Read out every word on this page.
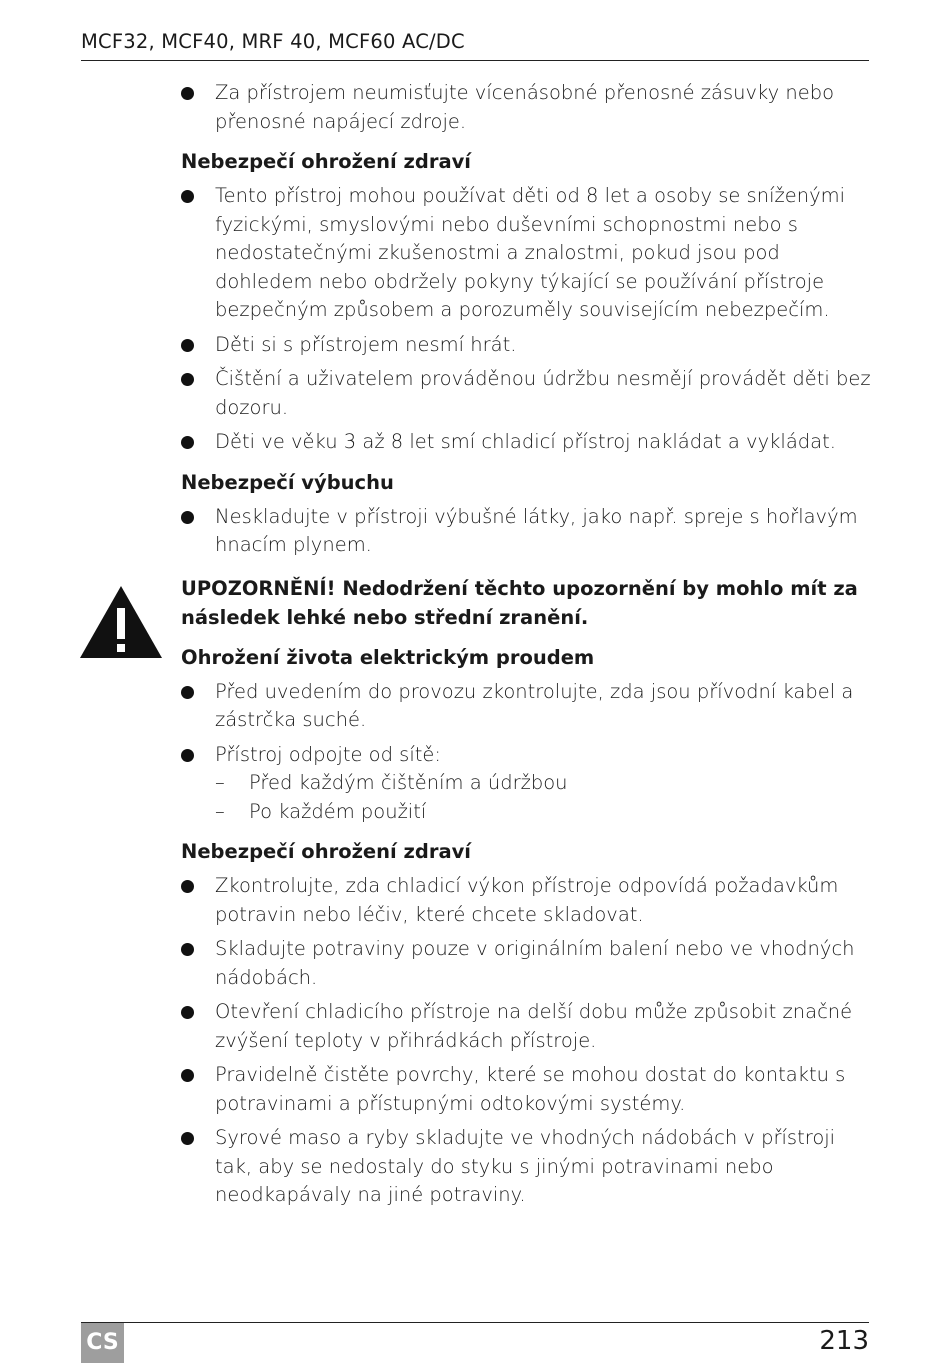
MCF32, MCF40, MRF 40, MCF60 AC/DC
Za přístrojem neumisťujte vícenásobné přenosné zásuvky nebo přenosné napájecí zdroje.
Nebezpečí ohrožení zdraví
Tento přístroj mohou používat děti od 8 let a osoby se sníženými fyzickými, smyslovými nebo duševními schopnostmi nebo s nedostatečnými zkušenostmi a znalostmi, pokud jsou pod dohledem nebo obdržely pokyny týkající se používání přístroje bezpečným způsobem a porozuměly souvisejícím nebezpečím.
Děti si s přístrojem nesmí hrát.
Čištění a uživatelem prováděnou údržbu nesmějí provádět děti bez dozoru.
Děti ve věku 3 až 8 let smí chladicí přístroj nakládat a vykládat.
Nebezpečí výbuchu
Neskladujte v přístroji výbušné látky, jako např. spreje s hořlavým hnacím plynem.
UPOZORNĚNÍ! Nedodržení těchto upozornění by mohlo mít za následek lehké nebo střední zranění.
Ohrožení života elektrickým proudem
Před uvedením do provozu zkontrolujte, zda jsou přívodní kabel a zástrčka suché.
Přístroj odpojte od sítě:
– Před každým čištěním a údržbou
– Po každém použití
Nebezpečí ohrožení zdraví
Zkontrolujte, zda chladicí výkon přístroje odpovídá požadavkům potravin nebo léčiv, které chcete skladovat.
Skladujte potraviny pouze v originálním balení nebo ve vhodných nádobách.
Otevření chladicího přístroje na delší dobu může způsobit značné zvýšení teploty v přihrádkách přístroje.
Pravidelně čistěte povrchy, které se mohou dostat do kontaktu s potravinami a přístupnými odtokovými systémy.
Syrové maso a ryby skladujte ve vhodných nádobách v přístroji tak, aby se nedostaly do styku s jinými potravinami nebo neodkapávaly na jiné potraviny.
CS	213
